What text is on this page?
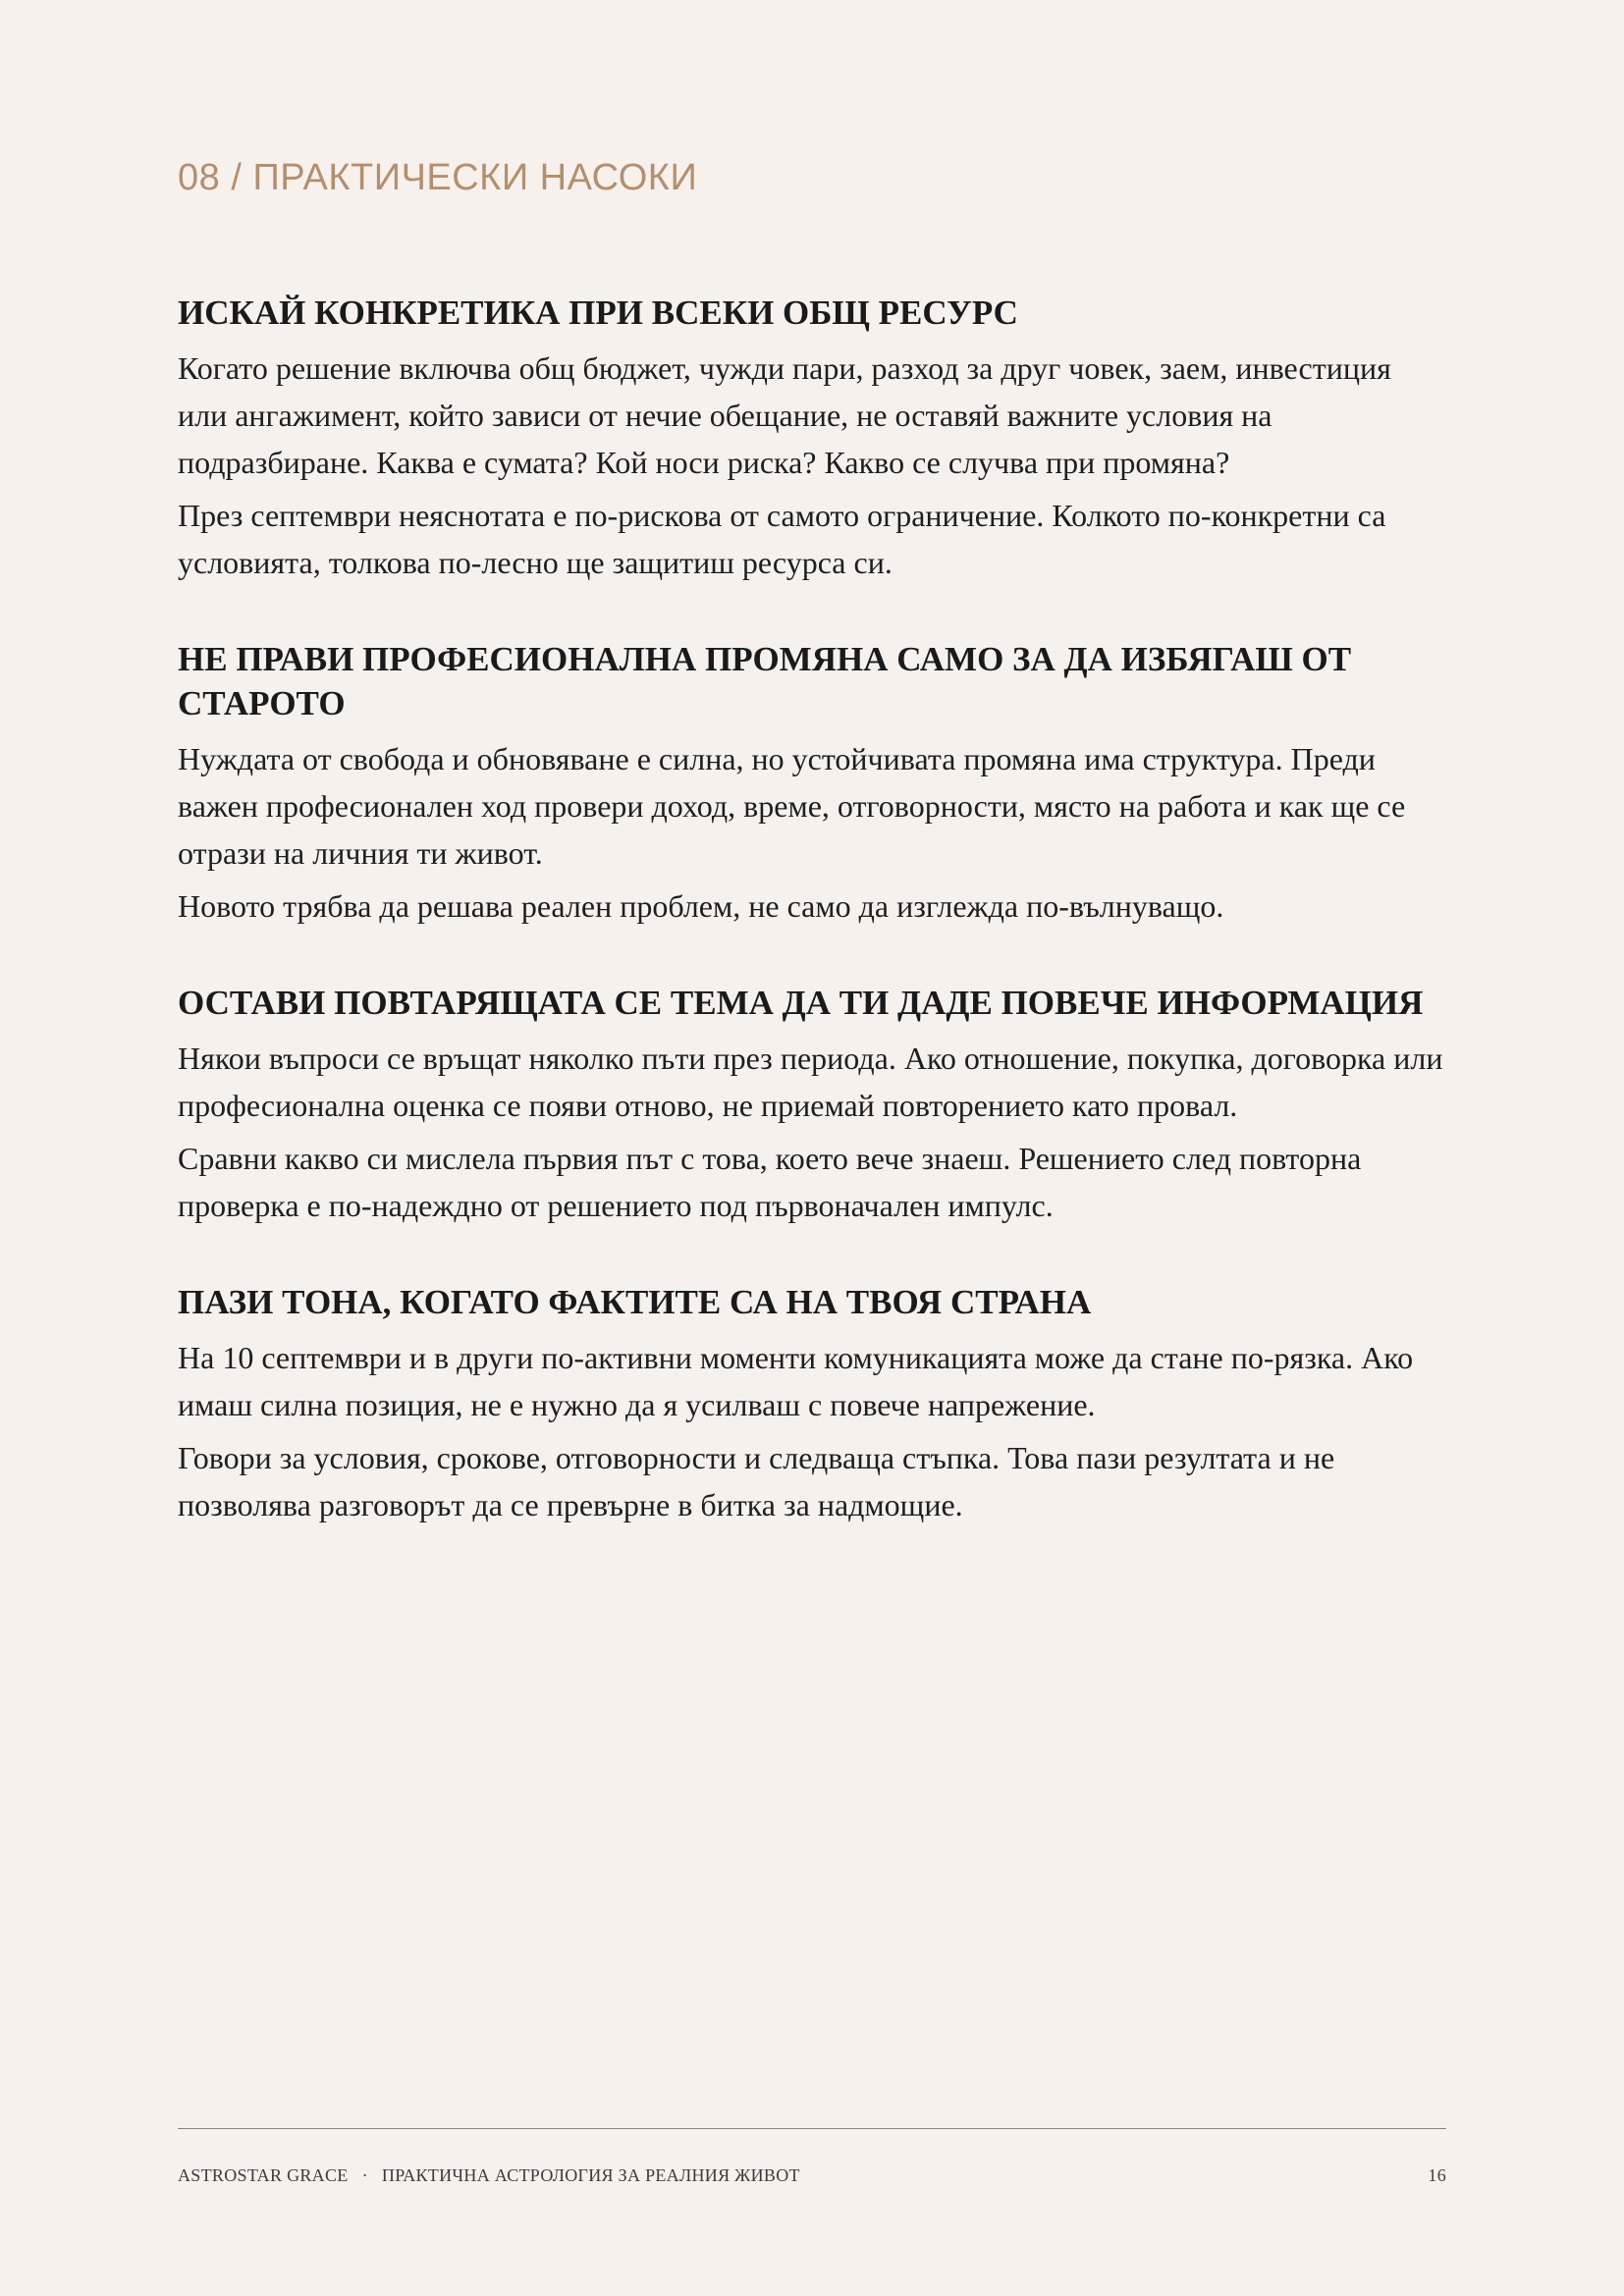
08 / ПРАКТИЧЕСКИ НАСОКИ
ИСКАЙ КОНКРЕТИКА ПРИ ВСЕКИ ОБЩ РЕСУРС

Когато решение включва общ бюджет, чужди пари, разход за друг човек, заем, инвестиция или ангажимент, който зависи от нечие обещание, не оставяй важните условия на подразбиране. Каква е сумата? Кой носи риска? Какво се случва при промяна?

През септември неяснотата е по-рискова от самото ограничение. Колкото по-конкретни са условията, толкова по-лесно ще защитиш ресурса си.

НЕ ПРАВИ ПРОФЕСИОНАЛНА ПРОМЯНА САМО ЗА ДА ИЗБЯГАШ ОТ СТАРОТО

Нуждата от свобода и обновяване е силна, но устойчивата промяна има структура. Преди важен професионален ход провери доход, време, отговорности, място на работа и как ще се отрази на личния ти живот.

Новото трябва да решава реален проблем, не само да изглежда по-вълнуващо.

ОСТАВИ ПОВТАРЯЩАТА СЕ ТЕМА ДА ТИ ДАДЕ ПОВЕЧЕ ИНФОРМАЦИЯ

Някои въпроси се връщат няколко пъти през периода. Ако отношение, покупка, договорка или професионална оценка се появи отново, не приемай повторението като провал.

Сравни какво си мислела първия път с това, което вече знаеш. Решението след повторна проверка е по-надеждно от решението под първоначален импулс.

ПАЗИ ТОНА, КОГАТО ФАКТИТЕ СА НА ТВОЯ СТРАНА

На 10 септември и в други по-активни моменти комуникацията може да стане по-рязка. Ако имаш силна позиция, не е нужно да я усилваш с повече напрежение.

Говори за условия, срокове, отговорности и следваща стъпка. Това пази резултата и не позволява разговорът да се превърне в битка за надмощие.

ASTROSTAR GRACE · ПРАКТИЧНА АСТРОЛОГИЯ ЗА РЕАЛНИЯ ЖИВОТ	16
